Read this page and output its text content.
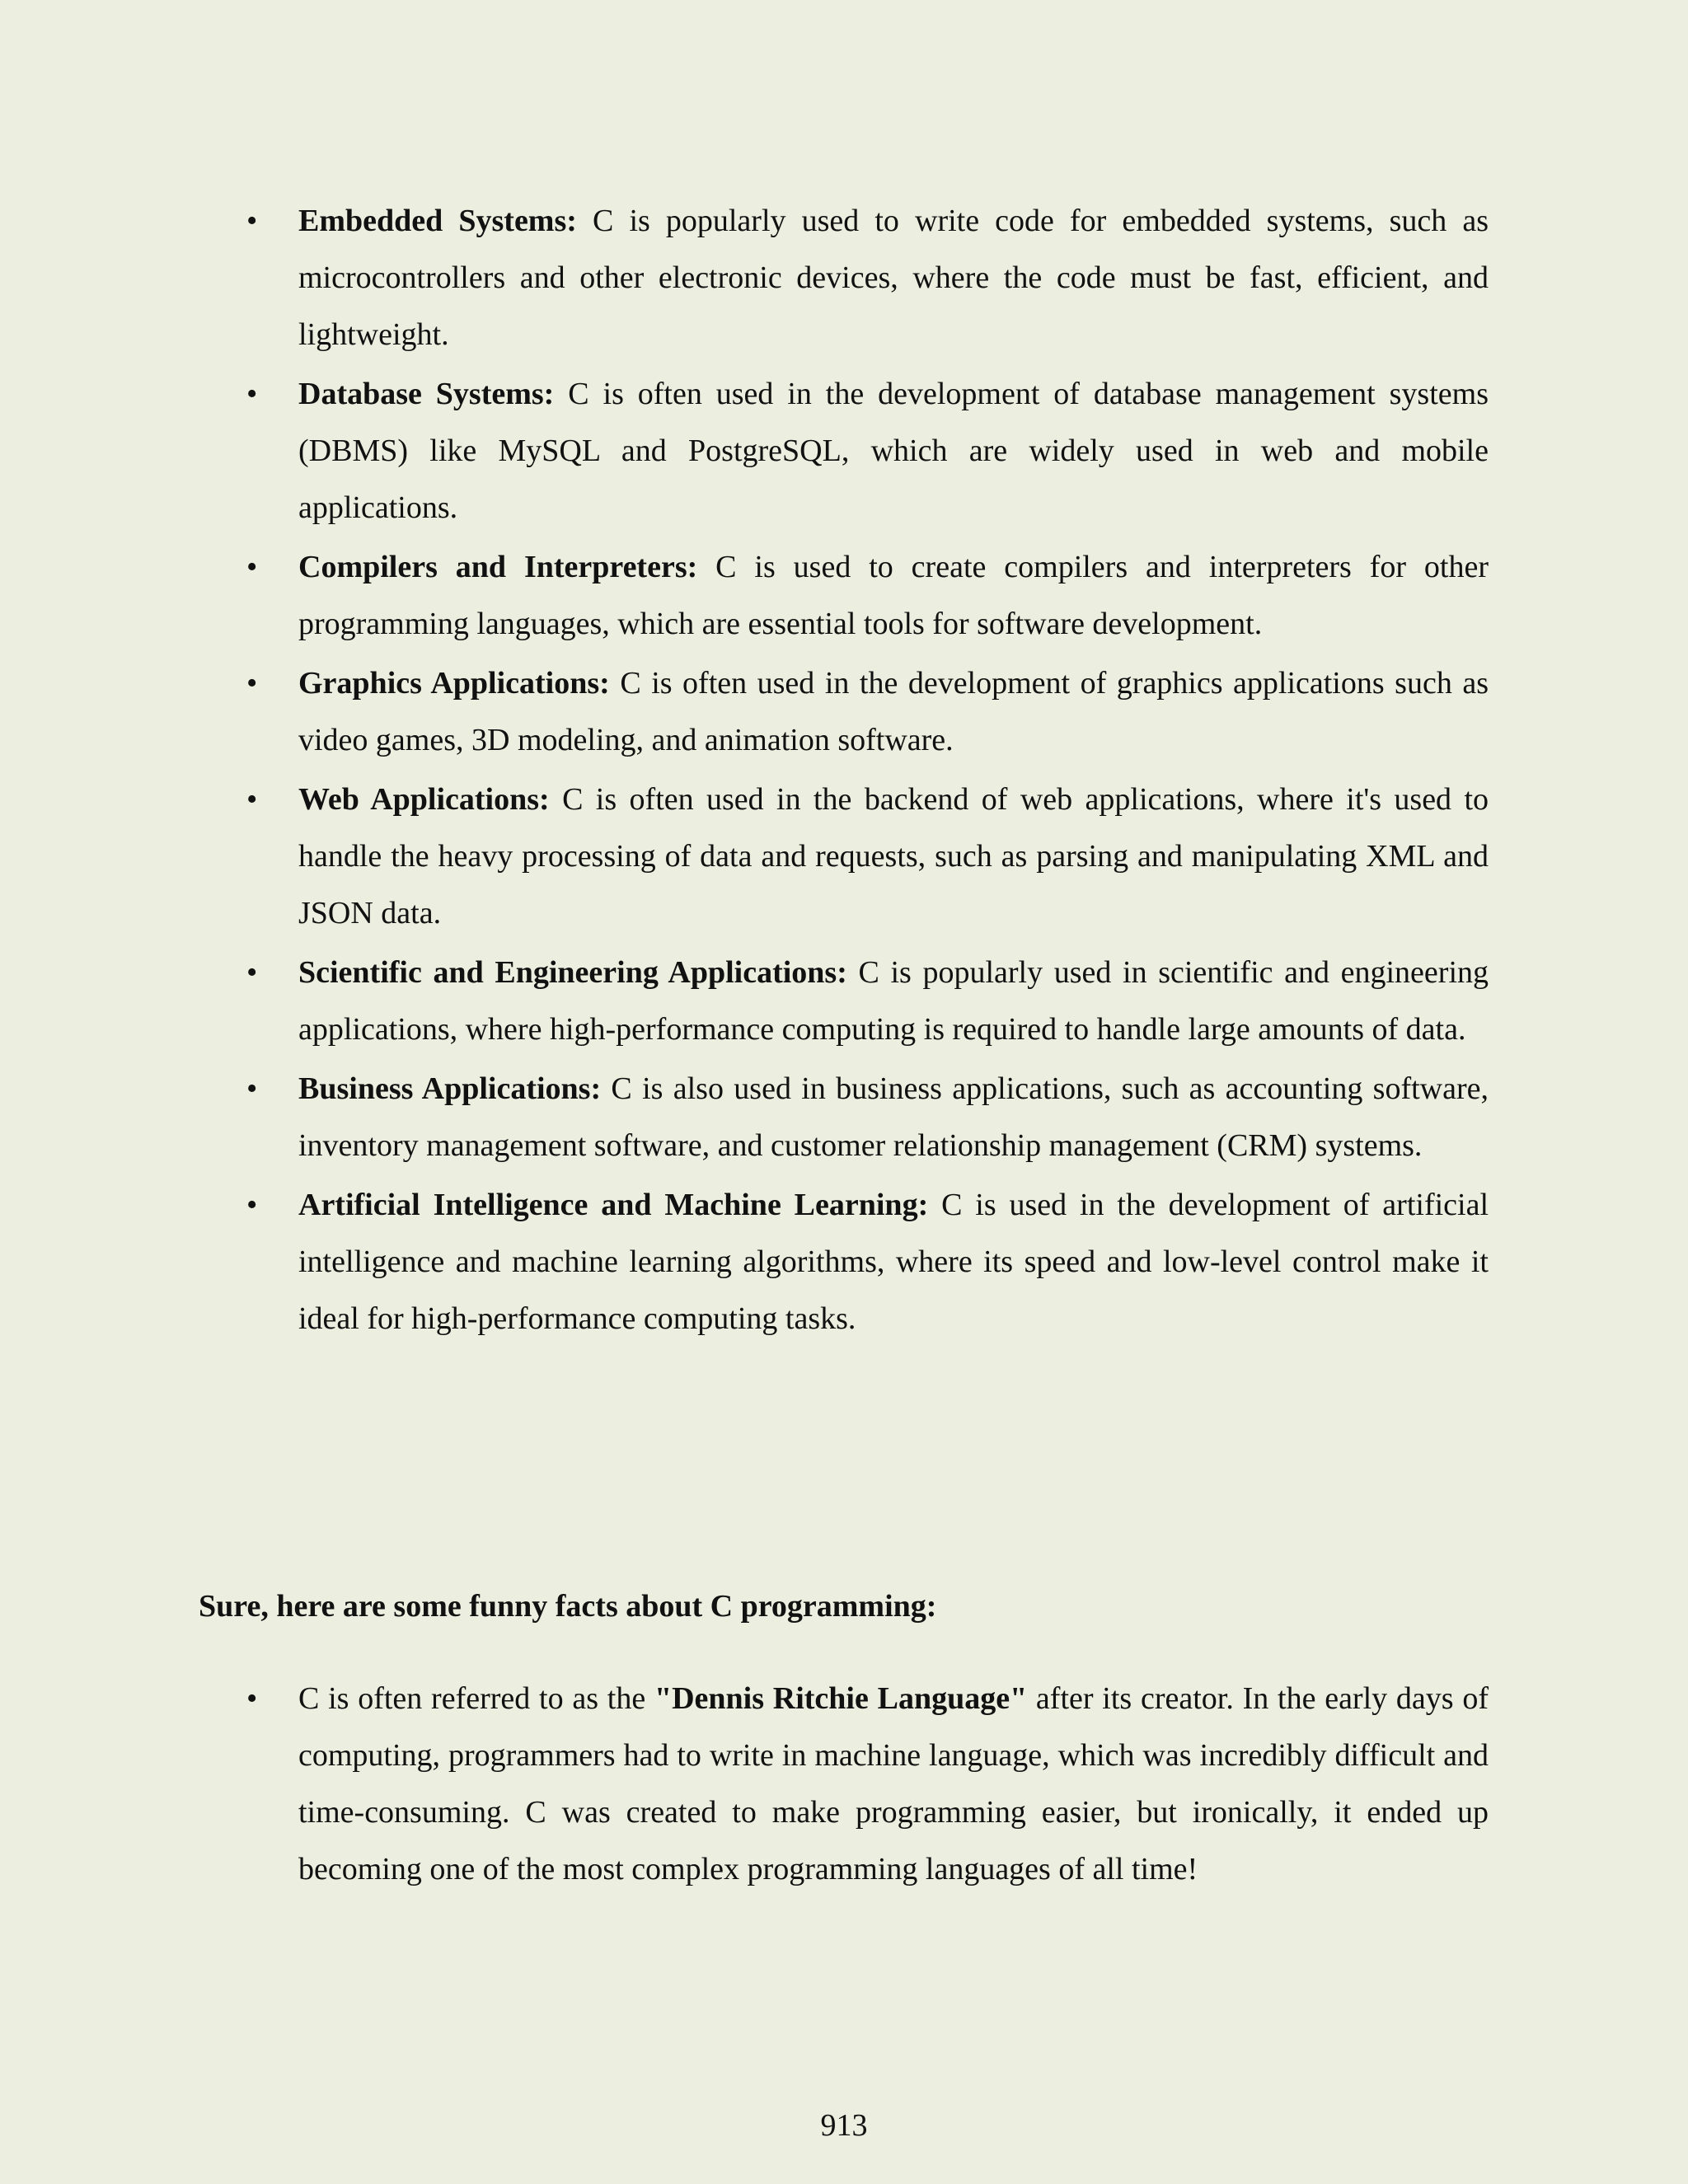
• Embedded Systems: C is popularly used to write code for embedded systems, such as microcontrollers and other electronic devices, where the code must be fast, efficient, and lightweight.
• Database Systems: C is often used in the development of database management systems (DBMS) like MySQL and PostgreSQL, which are widely used in web and mobile applications.
• Compilers and Interpreters: C is used to create compilers and interpreters for other programming languages, which are essential tools for software development.
• Graphics Applications: C is often used in the development of graphics applications such as video games, 3D modeling, and animation software.
• Web Applications: C is often used in the backend of web applications, where it's used to handle the heavy processing of data and requests, such as parsing and manipulating XML and JSON data.
• Scientific and Engineering Applications: C is popularly used in scientific and engineering applications, where high-performance computing is required to handle large amounts of data.
• Business Applications: C is also used in business applications, such as accounting software, inventory management software, and customer relationship management (CRM) systems.
• Artificial Intelligence and Machine Learning: C is used in the development of artificial intelligence and machine learning algorithms, where its speed and low-level control make it ideal for high-performance computing tasks.
Sure, here are some funny facts about C programming:
• C is often referred to as the "Dennis Ritchie Language" after its creator. In the early days of computing, programmers had to write in machine language, which was incredibly difficult and time-consuming. C was created to make programming easier, but ironically, it ended up becoming one of the most complex programming languages of all time!
913
